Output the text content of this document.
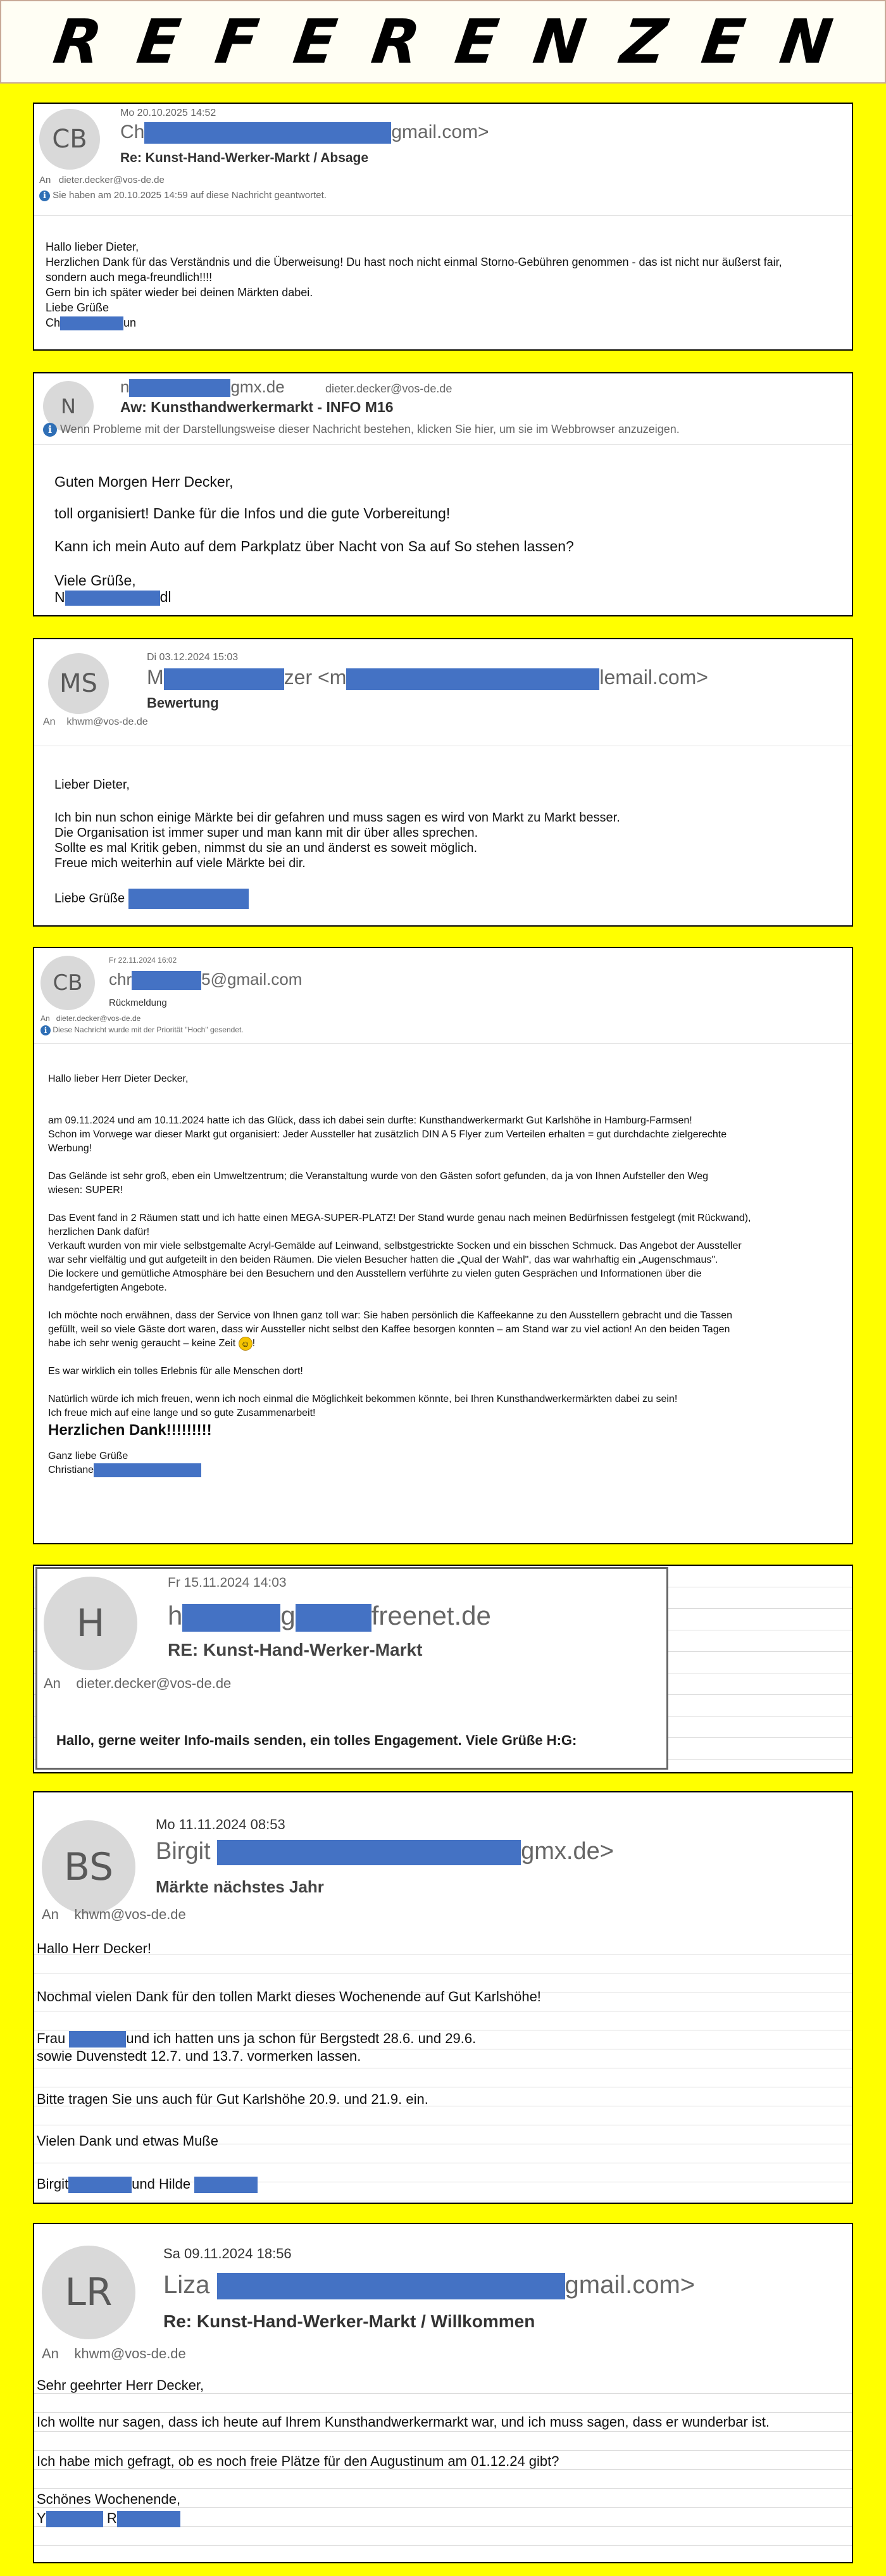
REFERENZEN
CB
Mo 20.10.2025 14:52
Ch	gmail.com>
Re: Kunst-Hand-Werker-Markt / Absage
An dieter.decker@vos-de.de
i Sie haben am 20.10.2025 14:59 auf diese Nachricht geantwortet.

Hallo lieber Dieter,

Herzlichen Dank für das Verständnis und die Überweisung! Du hast noch nicht einmal Storno-Gebühren genommen - das ist nicht nur äußerst fair,

sondern auch mega-freundlich!!!!

Gern bin ich später wieder bei deinen Märkten dabei.

Liebe Grüße

Ch	un

N
n	gmx.de	dieter.decker@vos-de.de
Aw: Kunsthandwerkermarkt - INFO M16
i Wenn Probleme mit der Darstellungsweise dieser Nachricht bestehen, klicken Sie hier, um sie im Webbrowser anzuzeigen.

Guten Morgen Herr Decker,

toll organisiert! Danke für die Infos und die gute Vorbereitung!

Kann ich mein Auto auf dem Parkplatz über Nacht von Sa auf So stehen lassen?

Viele Grüße,

N	dl

MS
Di 03.12.2024 15:03
M	zer <m	lemail.com>
Bewertung
An khwm@vos-de.de

Lieber Dieter,

Ich bin nun schon einige Märkte bei dir gefahren und muss sagen es wird von Markt zu Markt besser.

Die Organisation ist immer super und man kann mit dir über alles sprechen.

Solltе es mal Kritik geben, nimmst du sie an und änderst es soweit möglich.

Freue mich weiterhin auf viele Märkte bei dir.

Liebe Grüße

CB
Fr 22.11.2024 16:02
chr	5@gmail.com
Rückmeldung
An dieter.decker@vos-de.de
i Diese Nachricht wurde mit der Priorität "Hoch" gesendet.

Hallo lieber Herr Dieter Decker,

am 09.11.2024 und am 10.11.2024 hatte ich das Glück, dass ich dabei sein durfte: Kunsthandwerkermarkt Gut Karlshöhe in Hamburg-Farmsen!

Schon im Vorwege war dieser Markt gut organisiert: Jeder Aussteller hat zusätzlich DIN A 5 Flyer zum Verteilen erhalten = gut durchdachte zielgerechte

Werbung!

Das Gelände ist sehr groß, eben ein Umweltzentrum; die Veranstaltung wurde von den Gästen sofort gefunden, da ja von Ihnen Aufsteller den Weg

wiesen: SUPER!

Das Event fand in 2 Räumen statt und ich hatte einen MEGA-SUPER-PLATZ! Der Stand wurde genau nach meinen Bedürfnissen festgelegt (mit Rückwand),

herzlichen Dank dafür!

Verkauft wurden von mir viele selbstgemalte Acryl-Gemälde auf Leinwand, selbstgestrickte Socken und ein bisschen Schmuck. Das Angebot der Aussteller

war sehr vielfältig und gut aufgeteilt in den beiden Räumen. Die vielen Besucher hatten die „Qual der Wahl", das war wahrhaftig ein „Augenschmaus".

Die lockere und gemütliche Atmosphäre bei den Besuchern und den Ausstellern verführte zu vielen guten Gesprächen und Informationen über die

handgefertigten Angebote.

Ich möchte noch erwähnen, dass der Service von Ihnen ganz toll war: Sie haben persönlich die Kaffeekanne zu den Ausstellern gebracht und die Tassen

gefüllt, weil so viele Gäste dort waren, dass wir Aussteller nicht selbst den Kaffee besorgen konnten – am Stand war zu viel action! An den beiden Tagen

habe ich sehr wenig geraucht – keine Zeit ☺ !

Es war wirklich ein tolles Erlebnis für alle Menschen dort!

Natürlich würde ich mich freuen, wenn ich noch einmal die Möglichkeit bekommen könnte, bei Ihren Kunsthandwerkermärkten dabei zu sein!

Ich freue mich auf eine lange und so gute Zusammenarbeit!

Herzlichen Dank!!!!!!!!!

Ganz liebe Grüße

Christiane

H
Fr 15.11.2024 14:03
h	g	freenet.de
RE: Kunst-Hand-Werker-Markt
An dieter.decker@vos-de.de
Hallo, gerne weiter Info-mails senden, ein tolles Engagement. Viele Grüße H:G:
BS
Mo 11.11.2024 08:53
Birgit	gmx.de>
Märkte nächstes Jahr
An khwm@vos-de.de
Hallo Herr Decker!
Nochmal vielen Dank für den tollen Markt dieses Wochenende auf Gut Karlshöhe!
Frau	und ich hatten uns ja schon für Bergstedt 28.6. und 29.6.
sowie Duvenstedt 12.7. und 13.7. vormerken lassen.
Bitte tragen Sie uns auch für Gut Karlshöhe 20.9. und 21.9. ein.
Vielen Dank und etwas Muße
Birgit	und Hilde
LR
Sa 09.11.2024 18:56
Liza	gmail.com>
Re: Kunst-Hand-Werker-Markt / Willkommen
An khwm@vos-de.de
Sehr geehrter Herr Decker,
Ich wollte nur sagen, dass ich heute auf Ihrem Kunsthandwerkermarkt war, und ich muss sagen, dass er wunderbar ist.
Ich habe mich gefragt, ob es noch freie Plätze für den Augustinum am 01.12.24 gibt?
Schönes Wochenende,
Y	R
